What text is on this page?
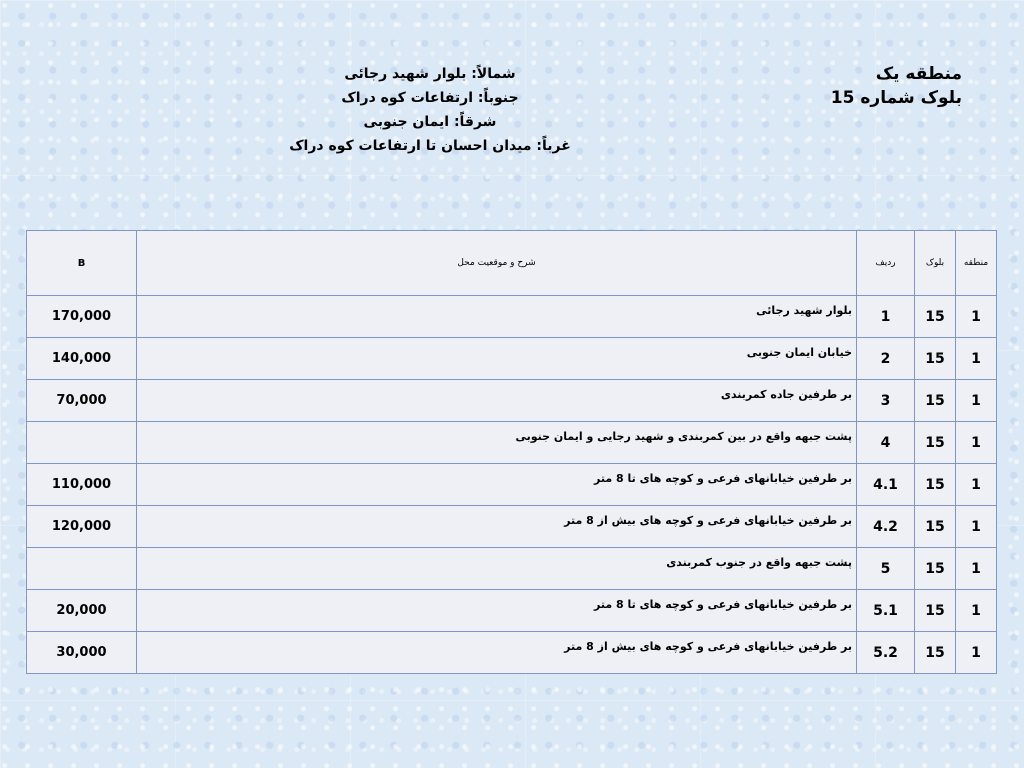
منطقه یک
بلوک شماره 15
شمالاً: بلوار شهید رجائی
جنوباً: ارتفاعات کوه دراک
شرقاً: ایمان جنوبی
غرباً: میدان احسان تا ارتفاعات کوه دراک
منطقه	بلوک	ردیف	شرح و موقعیت محل	B
1	15	1	بلوار شهید رجائی	170,000
1	15	2	خیابان ایمان جنوبی	140,000
1	15	3	بر طرفین جاده کمربندی	70,000
1	15	4	پشت جبهه واقع در بین کمربندی و شهید رجایی و ایمان جنوبی	
1	15	4.1	بر طرفین خیابانهای فرعی و کوچه های تا 8 متر	110,000
1	15	4.2	بر طرفین خیابانهای فرعی و کوچه های بیش از 8 متر	120,000
1	15	5	پشت جبهه واقع در جنوب کمربندی	
1	15	5.1	بر طرفین خیابانهای فرعی و کوچه های تا 8 متر	20,000
1	15	5.2	بر طرفین خیابانهای فرعی و کوچه های بیش از 8 متر	30,000
